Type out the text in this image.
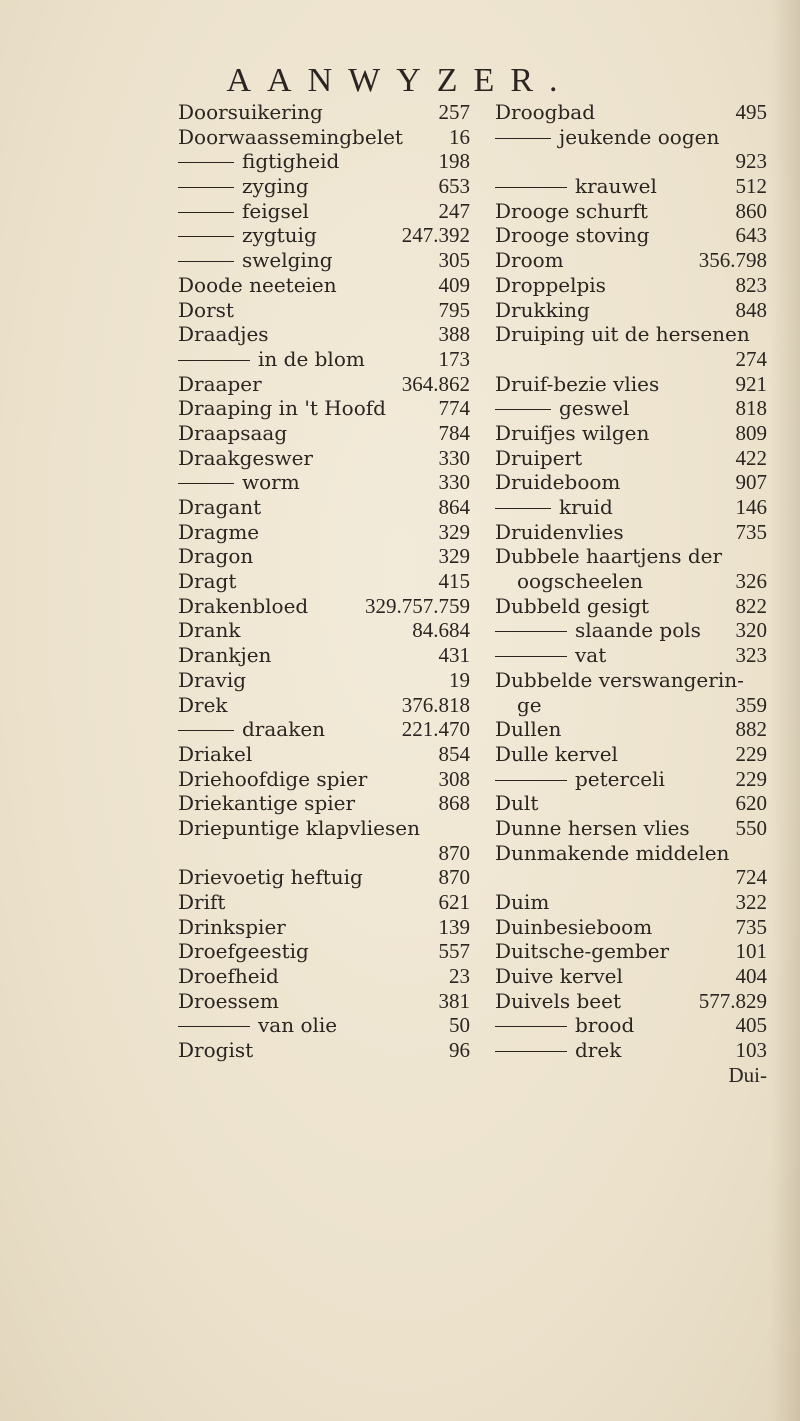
AANWYZER.
Doorsuikering	257
Doorwaassemingbelet 16
figtigheid	198
zyging	653
feigsel	247
zygtuig	247.392
swelging	305
Doode neeteien	409
Dorst	795
Draadjes	388
in de blom	173
Draaper	364.862
Draaping in 't Hoofd	774
Draapsaag	784
Draakgeswer	330
worm	330
Dragant	864
Dragme	329
Dragon	329
Dragt	415
Drakenbloed	329.757.759
Drank	84.684
Drankjen	431
Dravig	19
Drek	376.818
draaken	221.470
Driakel	854
Driehoofdige spier	308
Driekantige spier	868
Driepuntige klapvliesen
870
Drievoetig heftuig	870
Drift	621
Drinkspier	139
Droefgeestig	557
Droefheid	23
Droessem	381
van olie	50
Drogist	96
Droogbad	495
jeukende oogen
923
krauwel	512
Drooge schurft	860
Drooge stoving	643
Droom	356.798
Droppelpis	823
Drukking	848
Druiping uit de hersenen
274
Druif-bezie vlies	921
geswel	818
Druifjes wilgen	809
Druipert	422
Druideboom	907
kruid	146
Druidenvlies	735
Dubbele haartjens der
oogscheelen	326
Dubbeld gesigt	822
slaande pols 320
vat	323
Dubbelde verswangerin-
ge	359
Dullen	882
Dulle kervel	229
peterceli	229
Dult	620
Dunne hersen vlies 550
Dunmakende middelen
724
Duim	322
Duinbesieboom	735
Duitsche-gember	101
Duive kervel	404
Duivels beet	577.829
brood	405
drek	103
Dui-
